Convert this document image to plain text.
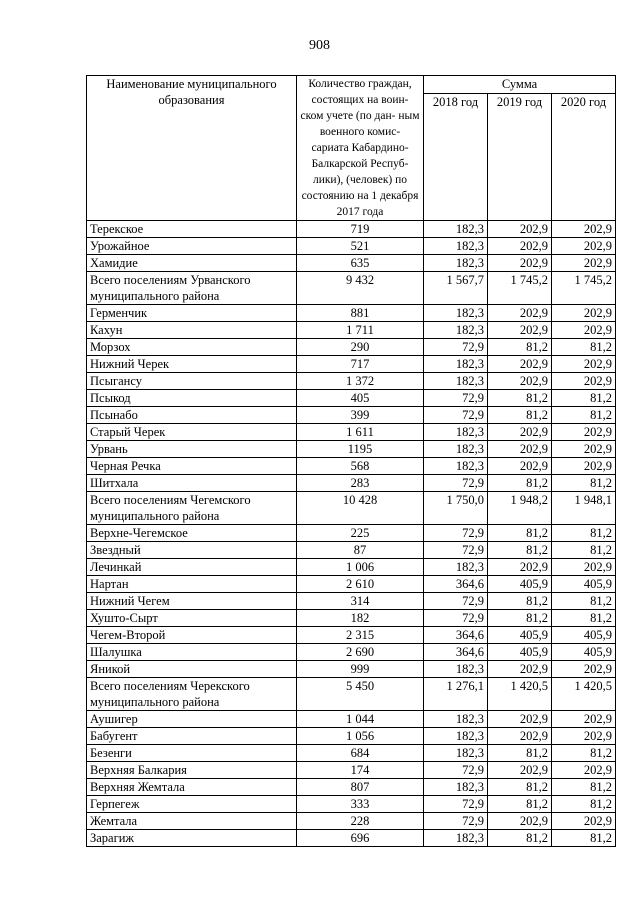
908
Наименование муниципального образования	Количество граждан, состоящих на воин- ском учете (по дан- ным военного комис- сариата Кабардино- Балкарской Респуб- лики), (человек) по состоянию на 1 декабря 2017 года	Сумма		
		2018 год	2019 год	2020 год
Терекское	719	182,3	202,9	202,9
Урожайное	521	182,3	202,9	202,9
Хамидие	635	182,3	202,9	202,9
Всего поселениям Урванского муниципального района	9 432	1 567,7	1 745,2	1 745,2
Герменчик	881	182,3	202,9	202,9
Кахун	1 711	182,3	202,9	202,9
Морзох	290	72,9	81,2	81,2
Нижний Черек	717	182,3	202,9	202,9
Псыгансу	1 372	182,3	202,9	202,9
Псыкод	405	72,9	81,2	81,2
Псынабо	399	72,9	81,2	81,2
Старый Черек	1 611	182,3	202,9	202,9
Урвань	1195	182,3	202,9	202,9
Черная Речка	568	182,3	202,9	202,9
Шитхала	283	72,9	81,2	81,2
Всего поселениям Чегемского муниципального района	10 428	1 750,0	1 948,2	1 948,1
Верхне-Чегемское	225	72,9	81,2	81,2
Звездный	87	72,9	81,2	81,2
Лечинкай	1 006	182,3	202,9	202,9
Нартан	2 610	364,6	405,9	405,9
Нижний Чегем	314	72,9	81,2	81,2
Хушто-Сырт	182	72,9	81,2	81,2
Чегем-Второй	2 315	364,6	405,9	405,9
Шалушка	2 690	364,6	405,9	405,9
Яникой	999	182,3	202,9	202,9
Всего поселениям Черекского муниципального района	5 450	1 276,1	1 420,5	1 420,5
Аушигер	1 044	182,3	202,9	202,9
Бабугент	1 056	182,3	202,9	202,9
Безенги	684	182,3	81,2	81,2
Верхняя Балкария	174	72,9	202,9	202,9
Верхняя Жемтала	807	182,3	81,2	81,2
Герпегеж	333	72,9	81,2	81,2
Жемтала	228	72,9	202,9	202,9
Зарагиж	696	182,3	81,2	81,2
